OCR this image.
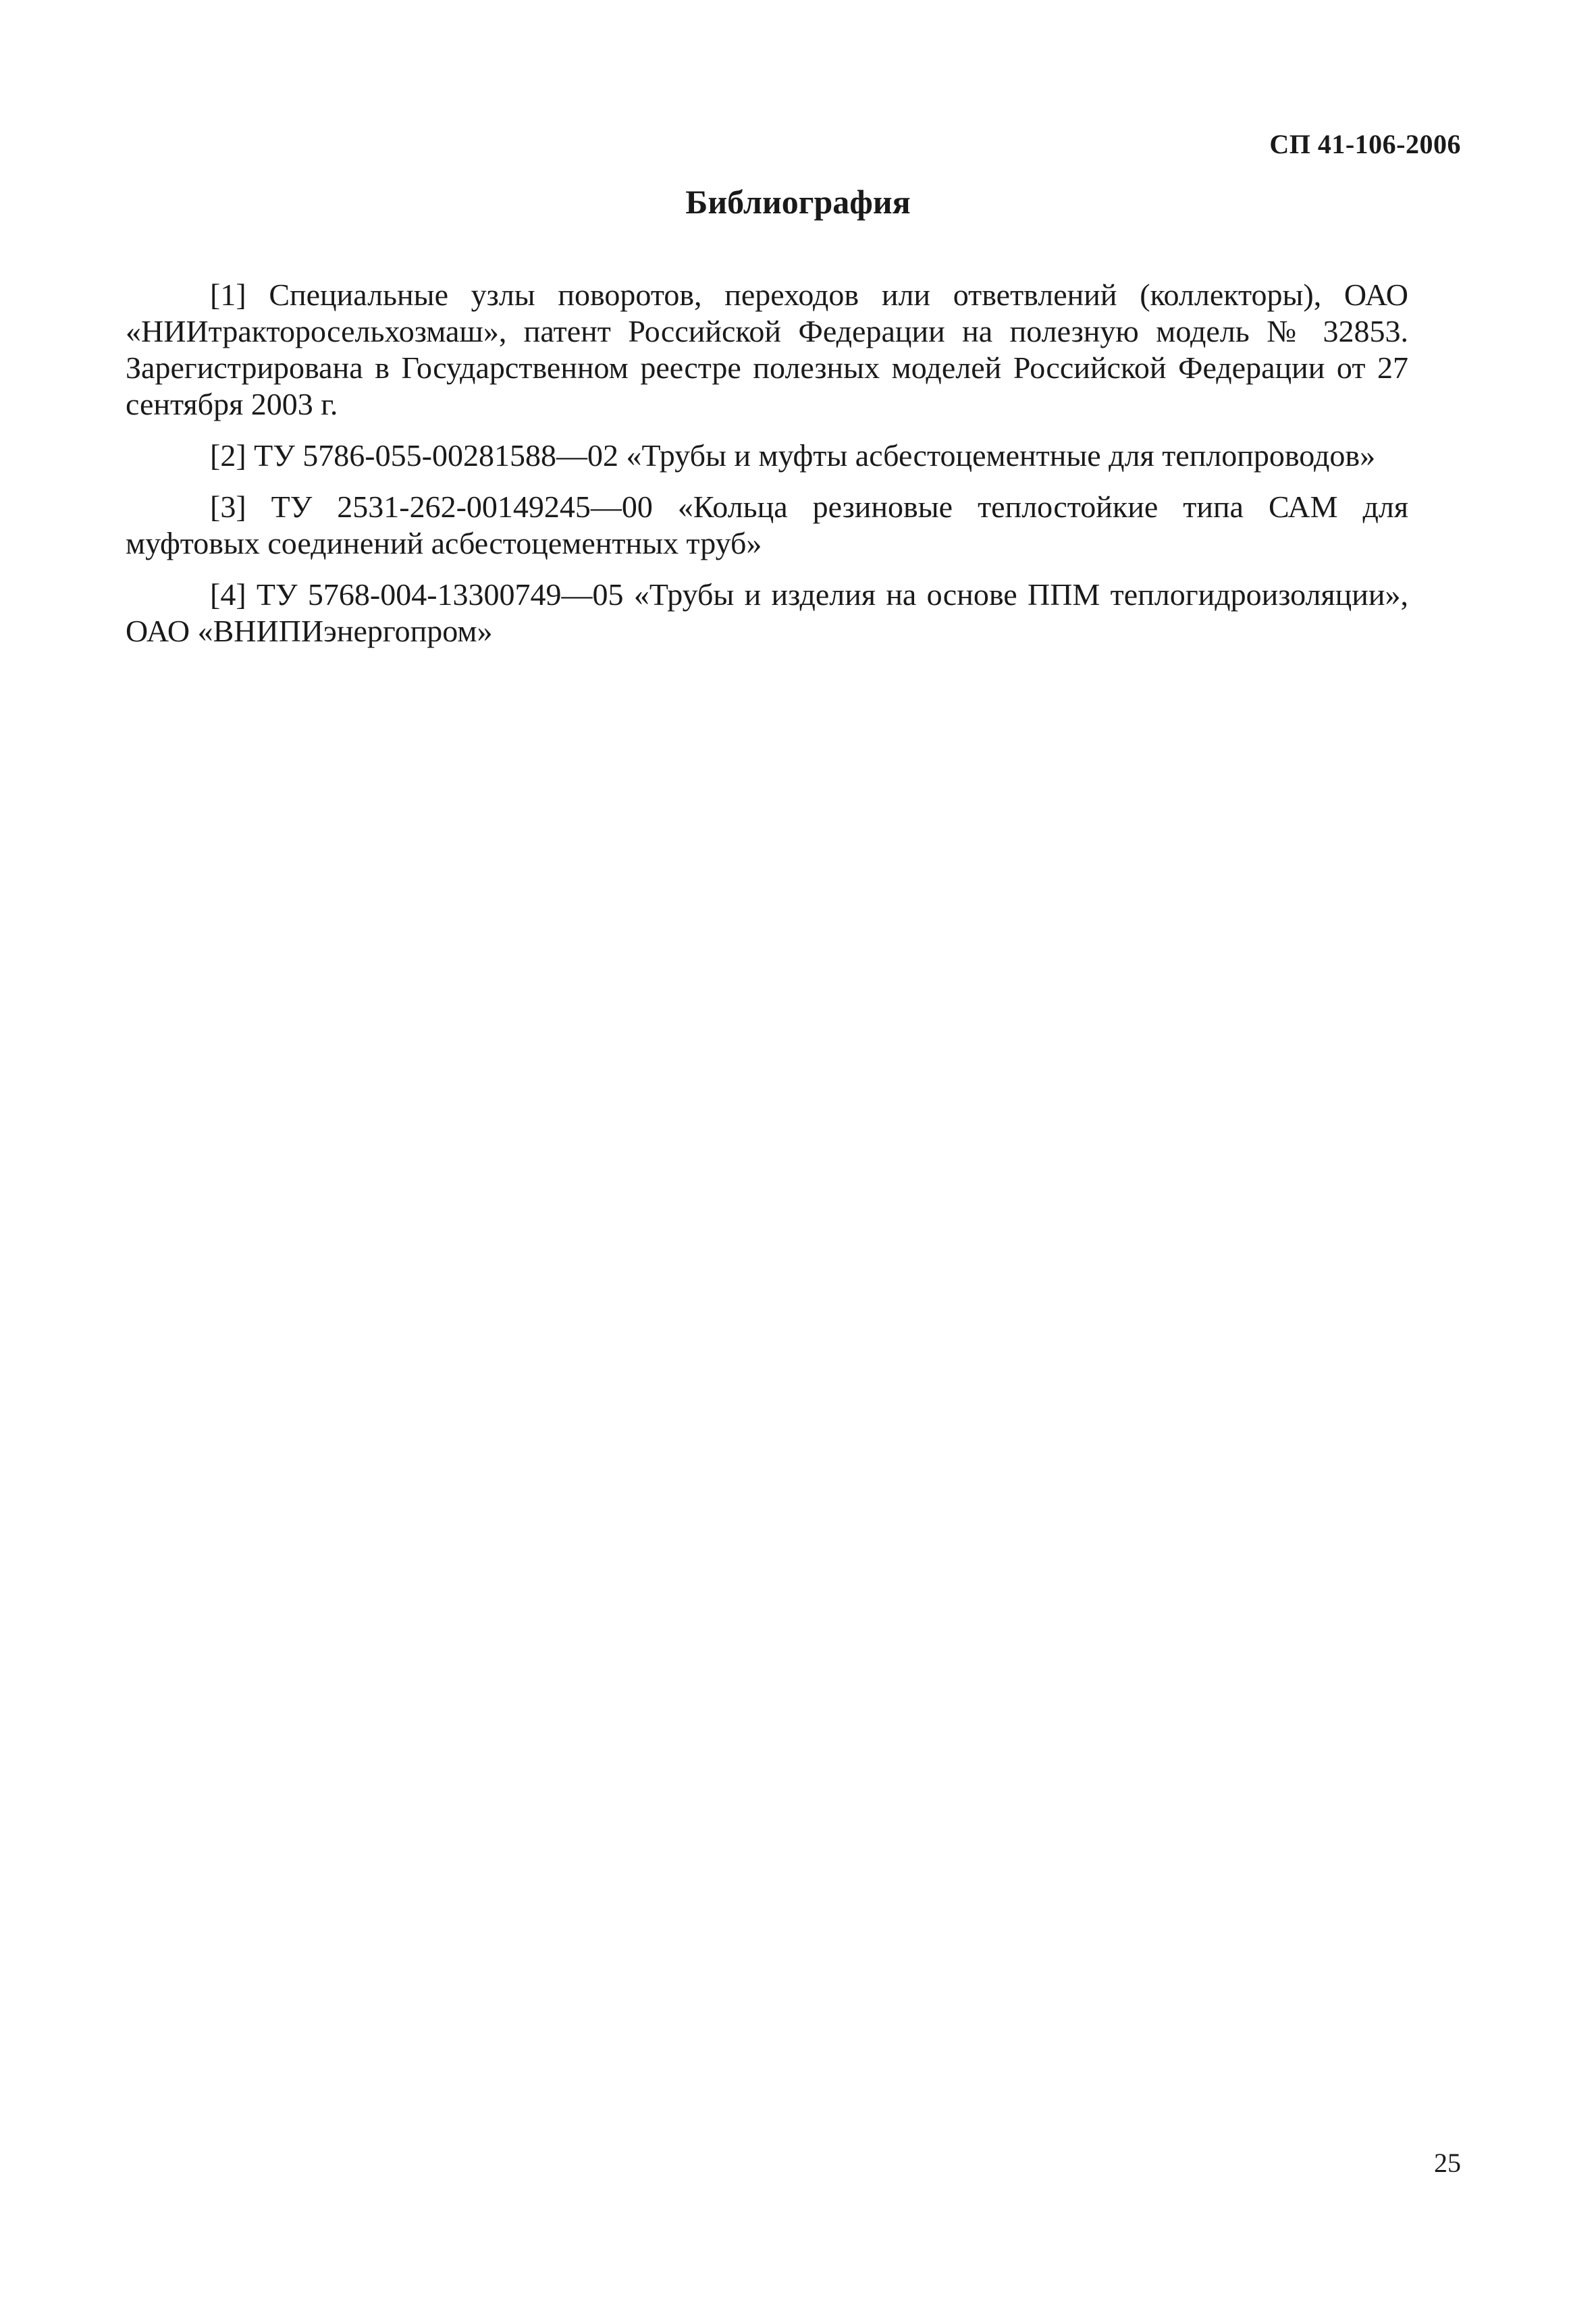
СП 41-106-2006
Библиография
[1] Специальные узлы поворотов, переходов или ответвлений (коллекторы), ОАО «НИИтракторосельхозмаш», патент Российской Федерации на полезную модель № 32853. Зарегистрирована в Государственном реестре полезных моделей Российской Федерации от 27 сентября 2003 г.
[2] ТУ 5786-055-00281588—02 «Трубы и муфты асбестоцементные для теплопроводов»
[3] ТУ 2531-262-00149245—00 «Кольца резиновые теплостойкие типа САМ для муфтовых соединений асбестоцементных труб»
[4] ТУ 5768-004-13300749—05 «Трубы и изделия на основе ППМ теплогидроизоляции», ОАО «ВНИПИэнергопром»
25
